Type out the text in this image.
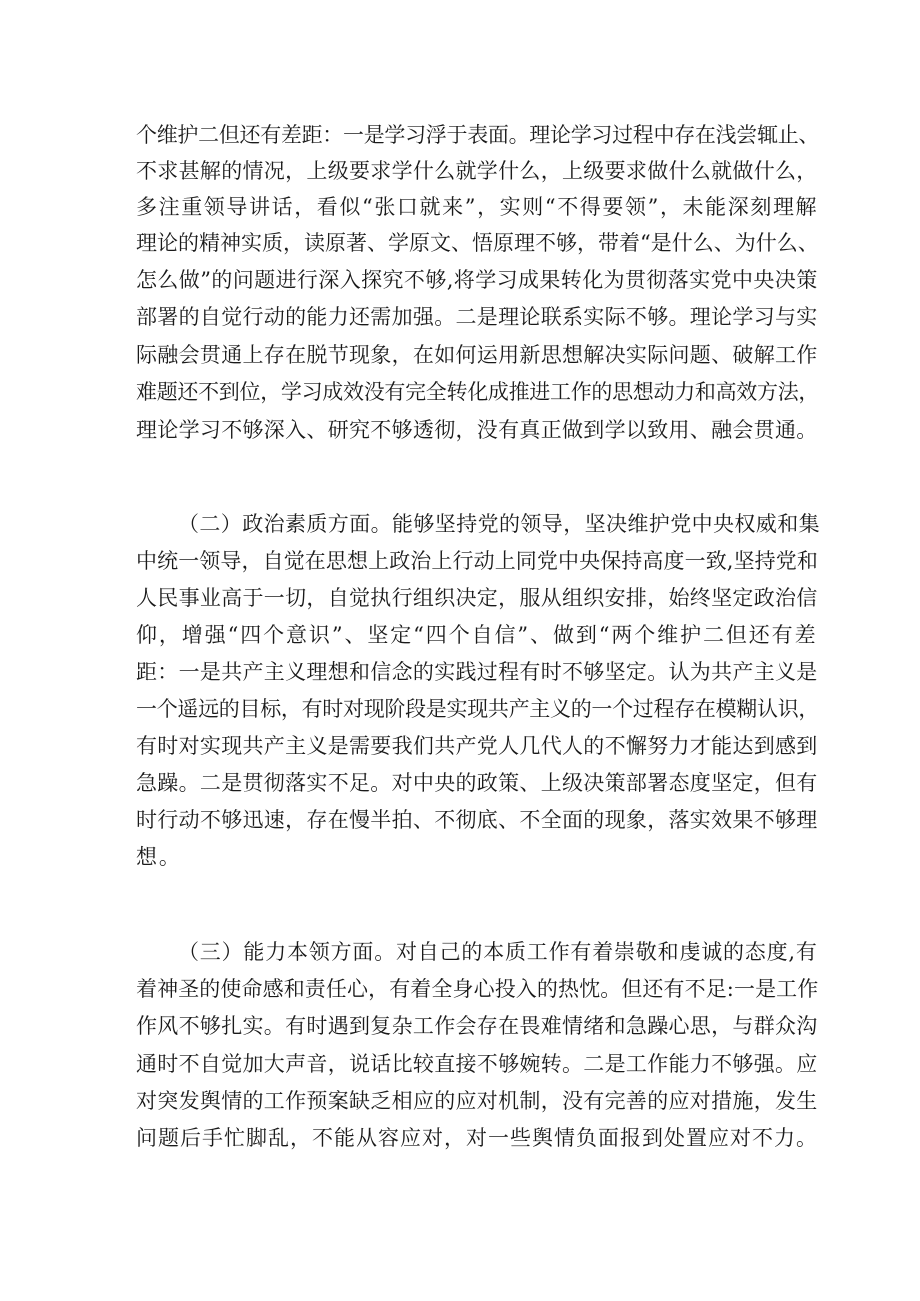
个维护二但还有差距：一是学习浮于表面。理论学习过程中存在浅尝辄止、
不求甚解的情况，上级要求学什么就学什么，上级要求做什么就做什么，
多注重领导讲话，看似“张口就来”，实则“不得要领”，未能深刻理解
理论的精神实质，读原著、学原文、悟原理不够，带着“是什么、为什么、
怎么做”的问题进行深入探究不够,将学习成果转化为贯彻落实党中央决策
部署的自觉行动的能力还需加强。二是理论联系实际不够。理论学习与实
际融会贯通上存在脱节现象，在如何运用新思想解决实际问题、破解工作
难题还不到位，学习成效没有完全转化成推进工作的思想动力和高效方法，
理论学习不够深入、研究不够透彻，没有真正做到学以致用、融会贯通。
（二）政治素质方面。能够坚持党的领导，坚决维护党中央权威和集
中统一领导，自觉在思想上政治上行动上同党中央保持高度一致,坚持党和
人民事业高于一切，自觉执行组织决定，服从组织安排，始终坚定政治信
仰，增强“四个意识”、坚定“四个自信”、做到“两个维护二但还有差
距：一是共产主义理想和信念的实践过程有时不够坚定。认为共产主义是
一个遥远的目标，有时对现阶段是实现共产主义的一个过程存在模糊认识，
有时对实现共产主义是需要我们共产党人几代人的不懈努力才能达到感到
急躁。二是贯彻落实不足。对中央的政策、上级决策部署态度坚定，但有
时行动不够迅速，存在慢半拍、不彻底、不全面的现象，落实效果不够理
想。
（三）能力本领方面。对自己的本质工作有着崇敬和虔诚的态度,有
着神圣的使命感和责任心，有着全身心投入的热忱。但还有不足:一是工作
作风不够扎实。有时遇到复杂工作会存在畏难情绪和急躁心思，与群众沟
通时不自觉加大声音，说话比较直接不够婉转。二是工作能力不够强。应
对突发舆情的工作预案缺乏相应的应对机制，没有完善的应对措施，发生
问题后手忙脚乱，不能从容应对，对一些舆情负面报到处置应对不力。
